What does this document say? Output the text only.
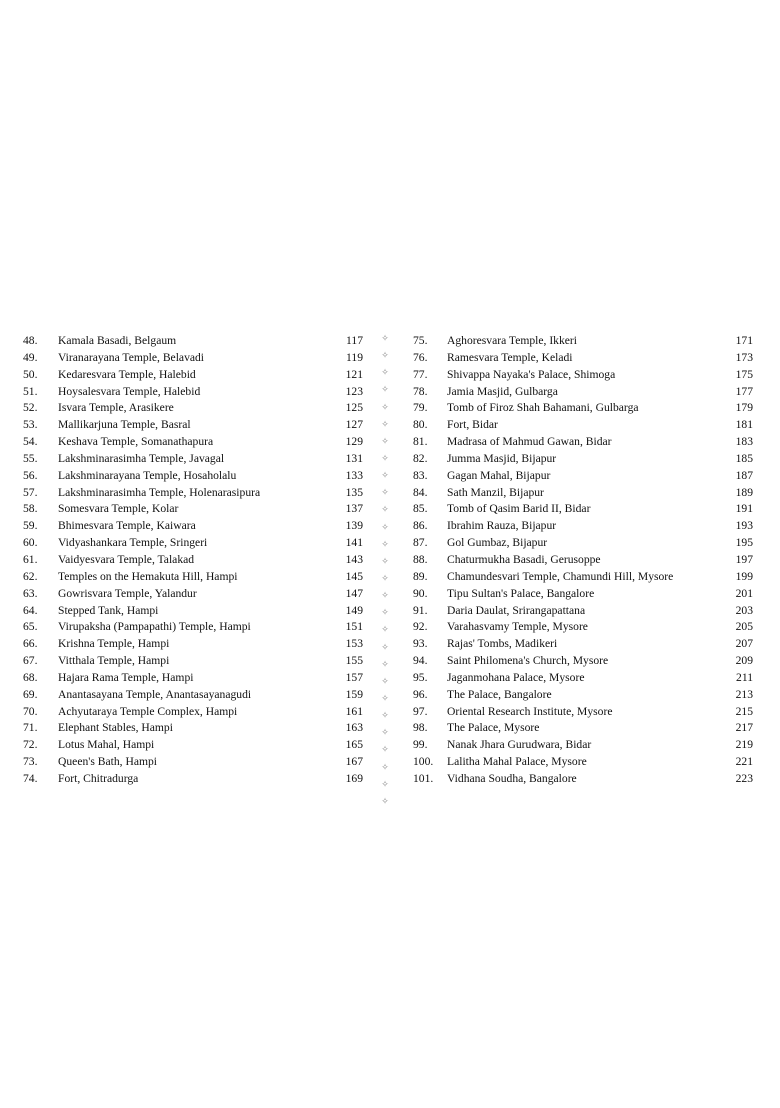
48.	Kamala Basadi, Belgaum	117
49.	Viranarayana Temple, Belavadi	119
50.	Kedaresvara Temple, Halebid	121
51.	Hoysalesvara Temple, Halebid	123
52.	Isvara Temple, Arasikere	125
53.	Mallikarjuna Temple, Basral	127
54.	Keshava Temple, Somanathapura	129
55.	Lakshminarasimha Temple, Javagal	131
56.	Lakshminarayana Temple, Hosaholalu	133
57.	Lakshminarasimha Temple, Holenarasipura	135
58.	Somesvara Temple, Kolar	137
59.	Bhimesvara Temple, Kaiwara	139
60.	Vidyashankara Temple, Sringeri	141
61.	Vaidyesvara Temple, Talakad	143
62.	Temples on the Hemakuta Hill, Hampi	145
63.	Gowrisvara Temple, Yalandur	147
64.	Stepped Tank, Hampi	149
65.	Virupaksha (Pampapathi) Temple, Hampi	151
66.	Krishna Temple, Hampi	153
67.	Vitthala Temple, Hampi	155
68.	Hajara Rama Temple, Hampi	157
69.	Anantasayana Temple, Anantasayanagudi	159
70.	Achyutaraya Temple Complex, Hampi	161
71.	Elephant Stables, Hampi	163
72.	Lotus Mahal, Hampi	165
73.	Queen's Bath, Hampi	167
74.	Fort, Chitradurga	169
✧
✧
✧
✧
✧
✧
✧
✧
✧
✧
✧
✧
✧
✧
✧
✧
✧
✧
✧
✧
✧
✧
✧
✧
✧
✧
✧
✧
75.	Aghoresvara Temple, Ikkeri	171
76.	Ramesvara Temple, Keladi	173
77.	Shivappa Nayaka's Palace, Shimoga	175
78.	Jamia Masjid, Gulbarga	177
79.	Tomb of Firoz Shah Bahamani, Gulbarga	179
80.	Fort, Bidar	181
81.	Madrasa of Mahmud Gawan, Bidar	183
82.	Jumma Masjid, Bijapur	185
83.	Gagan Mahal, Bijapur	187
84.	Sath Manzil, Bijapur	189
85.	Tomb of Qasim Barid II, Bidar	191
86.	Ibrahim Rauza, Bijapur	193
87.	Gol Gumbaz, Bijapur	195
88.	Chaturmukha Basadi, Gerusoppe	197
89.	Chamundesvari Temple, Chamundi Hill, Mysore	199
90.	Tipu Sultan's Palace, Bangalore	201
91.	Daria Daulat, Srirangapattana	203
92.	Varahasvamy Temple, Mysore	205
93.	Rajas' Tombs, Madikeri	207
94.	Saint Philomena's Church, Mysore	209
95.	Jaganmohana Palace, Mysore	211
96.	The Palace, Bangalore	213
97.	Oriental Research Institute, Mysore	215
98.	The Palace, Mysore	217
99.	Nanak Jhara Gurudwara, Bidar	219
100.	Lalitha Mahal Palace, Mysore	221
101.	Vidhana Soudha, Bangalore	223
